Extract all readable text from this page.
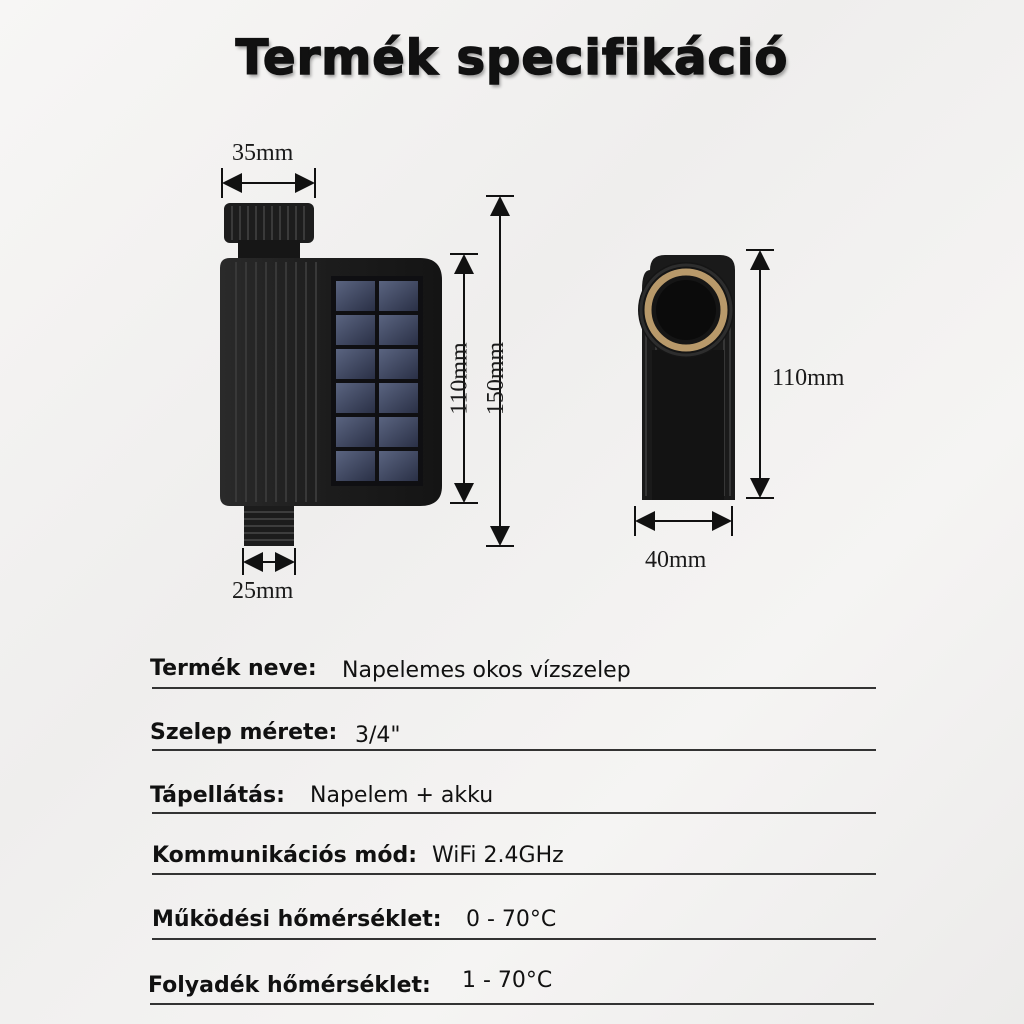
Termék specifikáció
35mm
25mm
110mm 150mm	110mm
40mm
Termék neve: Napelemes okos vízszelep
Szelep mérete: 3/4"
Tápellátás: Napelem + akku
Kommunikációs mód: WiFi 2.4GHz
Működési hőmérséklet: 0 - 70°C
Folyadék hőmérséklet: 1 - 70°C
